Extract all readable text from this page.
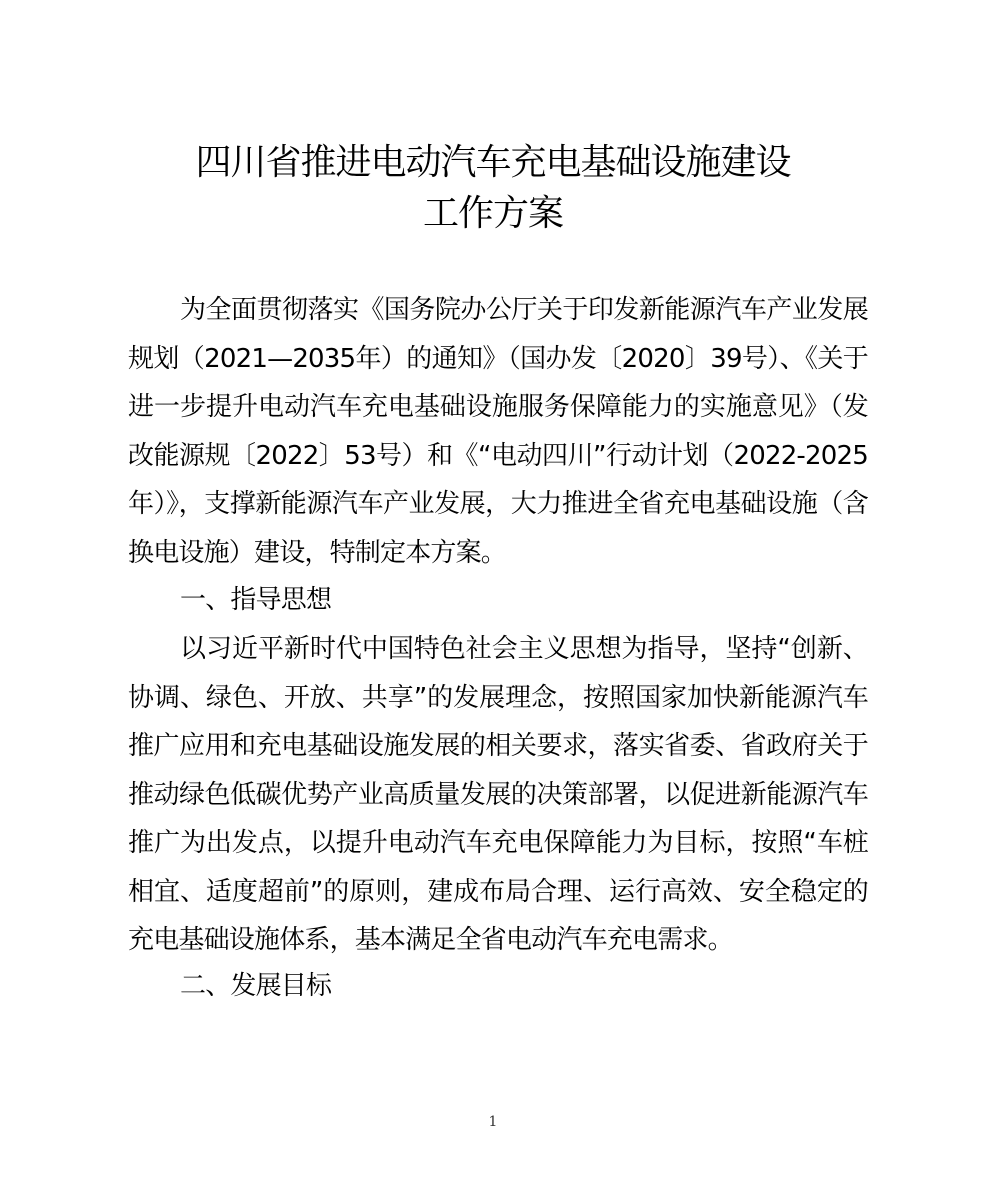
四川省推进电动汽车充电基础设施建设
工作方案

为全面贯彻落实《国务院办公厅关于印发新能源汽车产业发展规划（2021—2035年）的通知》（国办发〔2020〕39号）、《关于进一步提升电动汽车充电基础设施服务保障能力的实施意见》（发改能源规〔2022〕53号）和《“电动四川”行动计划（2022-2025年）》，支撑新能源汽车产业发展，大力推进全省充电基础设施（含换电设施）建设，特制定本方案。

一、指导思想

以习近平新时代中国特色社会主义思想为指导，坚持“创新、协调、绿色、开放、共享”的发展理念，按照国家加快新能源汽车推广应用和充电基础设施发展的相关要求，落实省委、省政府关于推动绿色低碳优势产业高质量发展的决策部署，以促进新能源汽车推广为出发点，以提升电动汽车充电保障能力为目标，按照“车桩相宜、适度超前”的原则，建成布局合理、运行高效、安全稳定的充电基础设施体系，基本满足全省电动汽车充电需求。

二、发展目标

1
